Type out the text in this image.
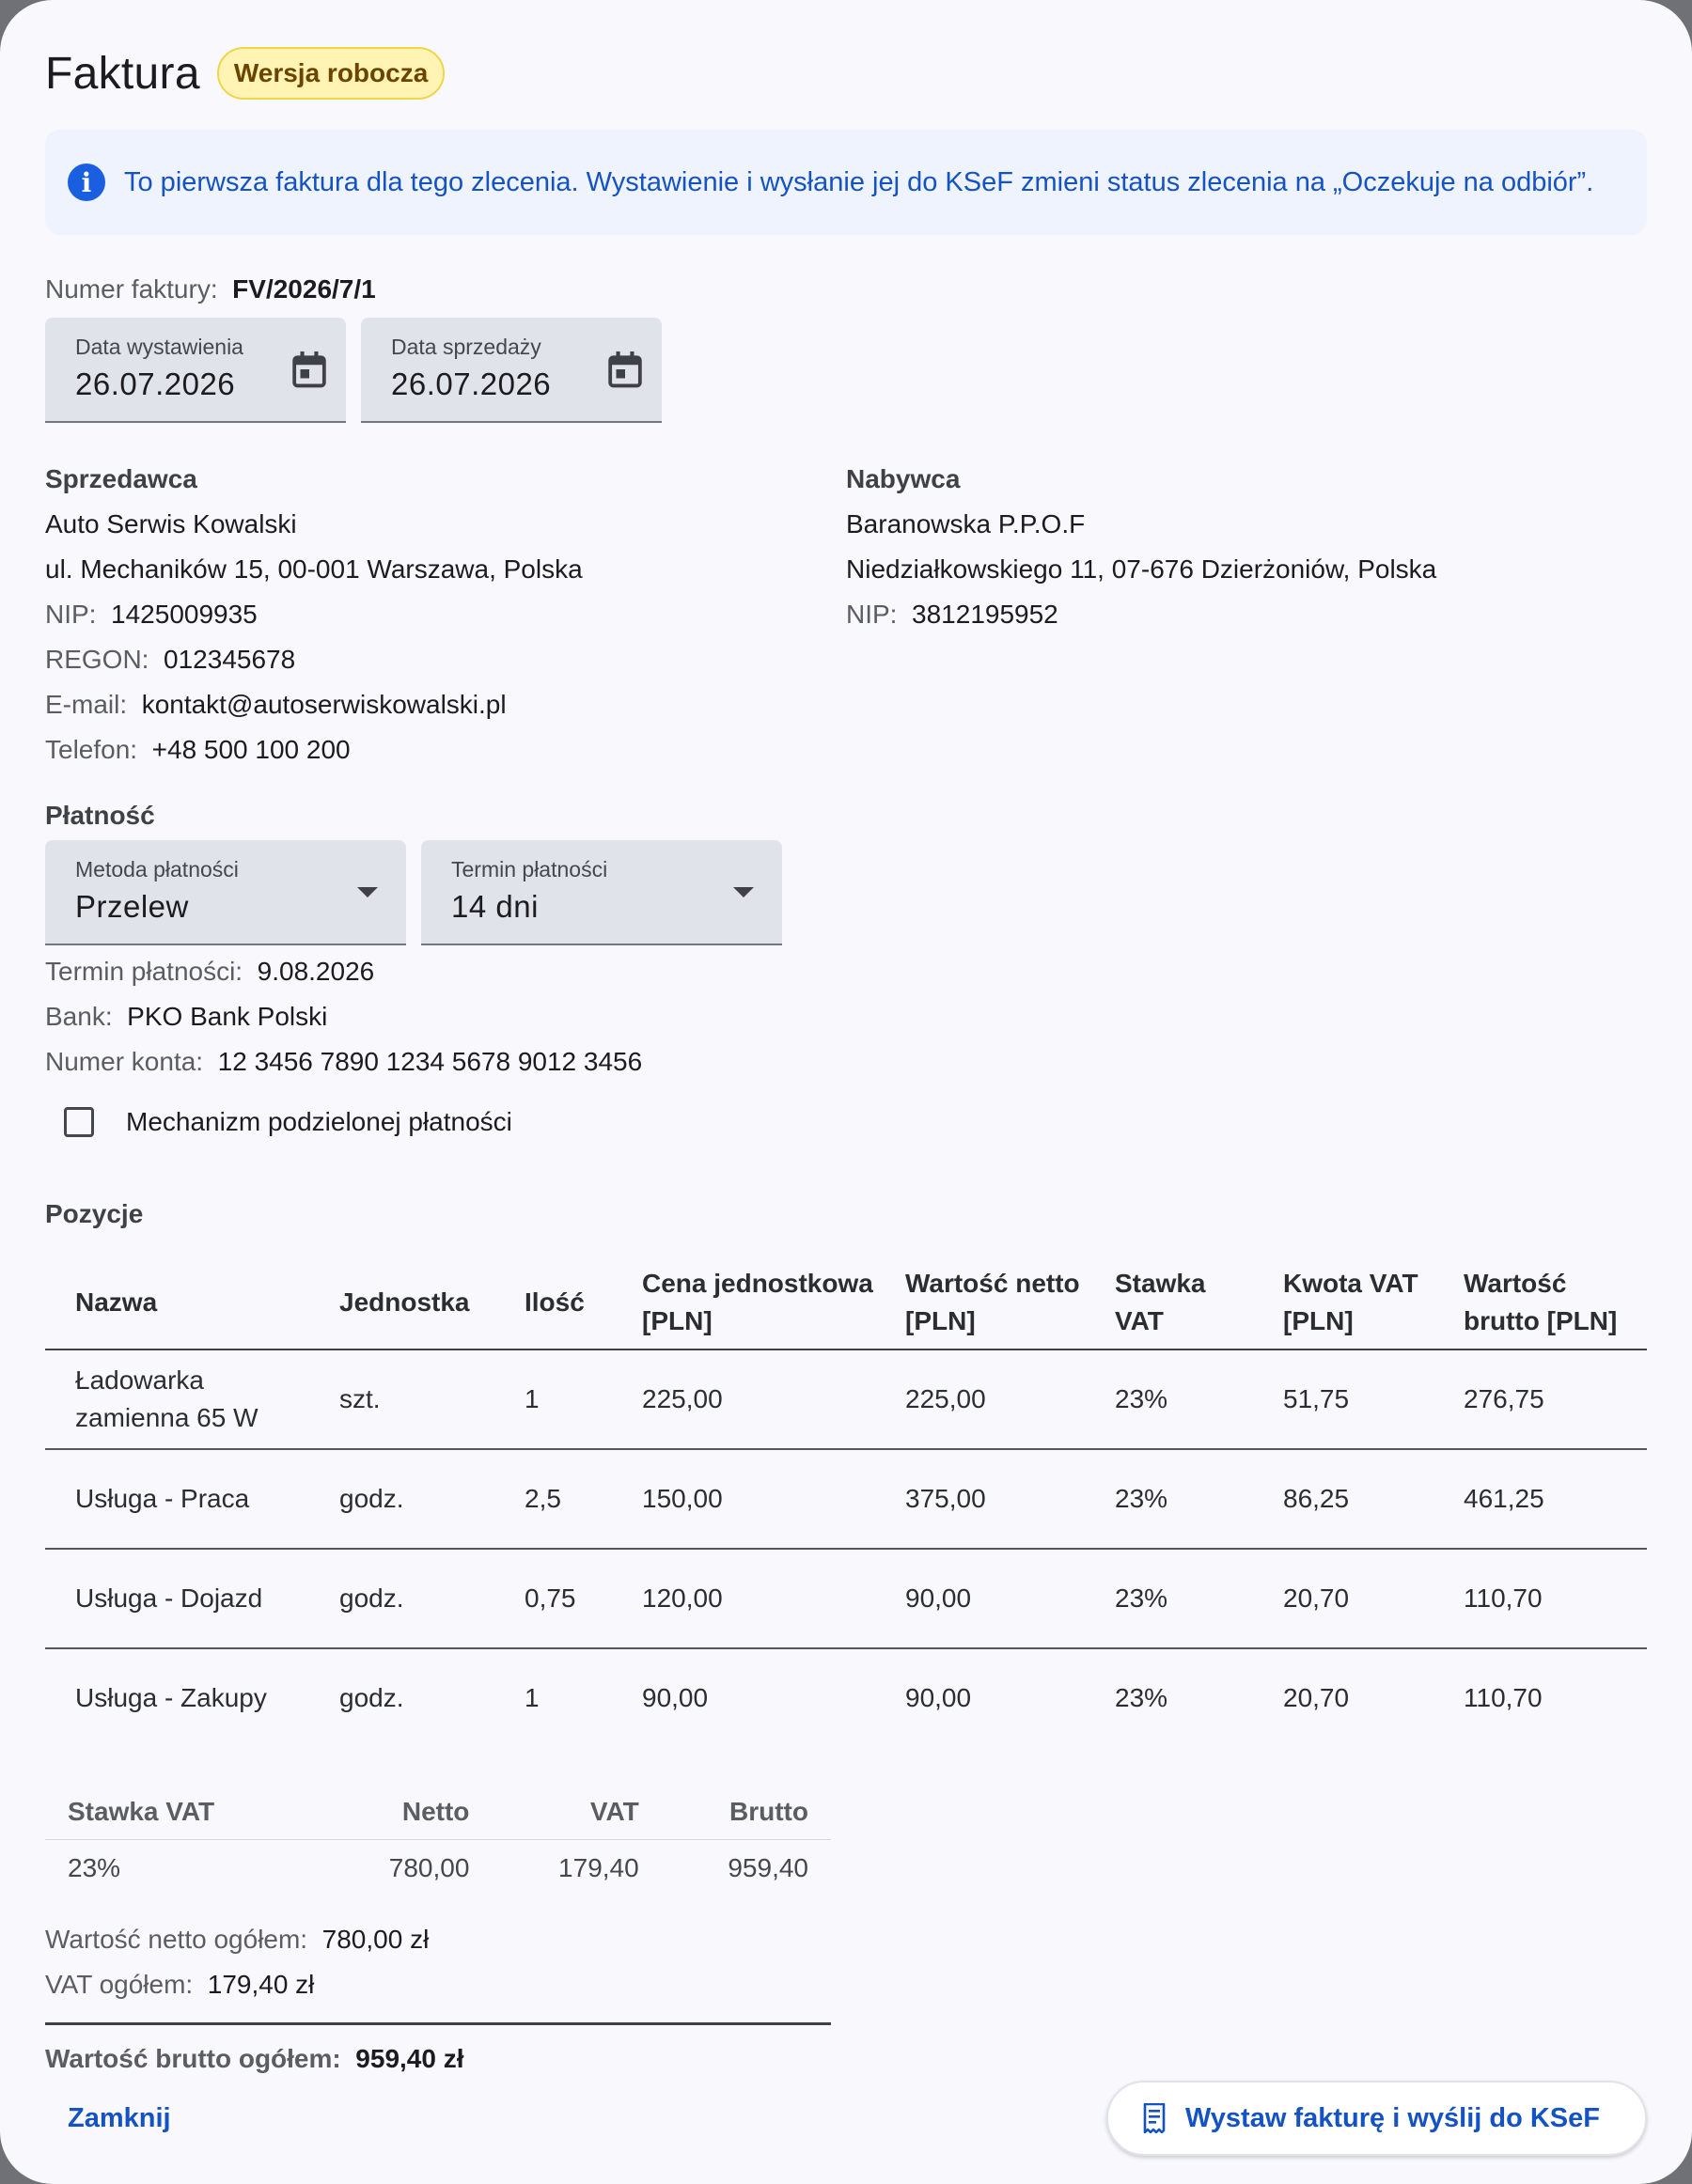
Faktura	Wersja robocza
i	To pierwsza faktura dla tego zlecenia. Wystawienie i wysłanie jej do KSeF zmieni status zlecenia na „Oczekuje na odbiór”.
Numer faktury: FV/2026/7/1
Data wystawienia
26.07.2026
Data sprzedaży
26.07.2026
Sprzedawca
Auto Serwis Kowalski
ul. Mechaników 15, 00-001 Warszawa, Polska
NIP: 1425009935
REGON: 012345678
E-mail: kontakt@autoserwiskowalski.pl
Telefon: +48 500 100 200
Nabywca
Baranowska P.P.O.F
Niedziałkowskiego 11, 07-676 Dzierżoniów, Polska
NIP: 3812195952
Płatność
Metoda płatności
Przelew
Termin płatności
14 dni
Termin płatności: 9.08.2026
Bank: PKO Bank Polski
Numer konta: 12 3456 7890 1234 5678 9012 3456
Mechanizm podzielonej płatności
Pozycje
Nazwa	Jednostka	Ilość	Cena jednostkowa [PLN]	Wartość netto [PLN]	Stawka VAT	Kwota VAT [PLN]	Wartość brutto [PLN]
Ładowarka zamienna 65 W	szt.	1	225,00	225,00	23%	51,75	276,75
Usługa - Praca	godz.	2,5	150,00	375,00	23%	86,25	461,25
Usługa - Dojazd	godz.	0,75	120,00	90,00	23%	20,70	110,70
Usługa - Zakupy	godz.	1	90,00	90,00	23%	20,70	110,70
Stawka VAT	Netto	VAT	Brutto
23%	780,00	179,40	959,40
Wartość netto ogółem: 780,00 zł
VAT ogółem: 179,40 zł
Wartość brutto ogółem: 959,40 zł
Zamknij	Wystaw fakturę i wyślij do KSeF
